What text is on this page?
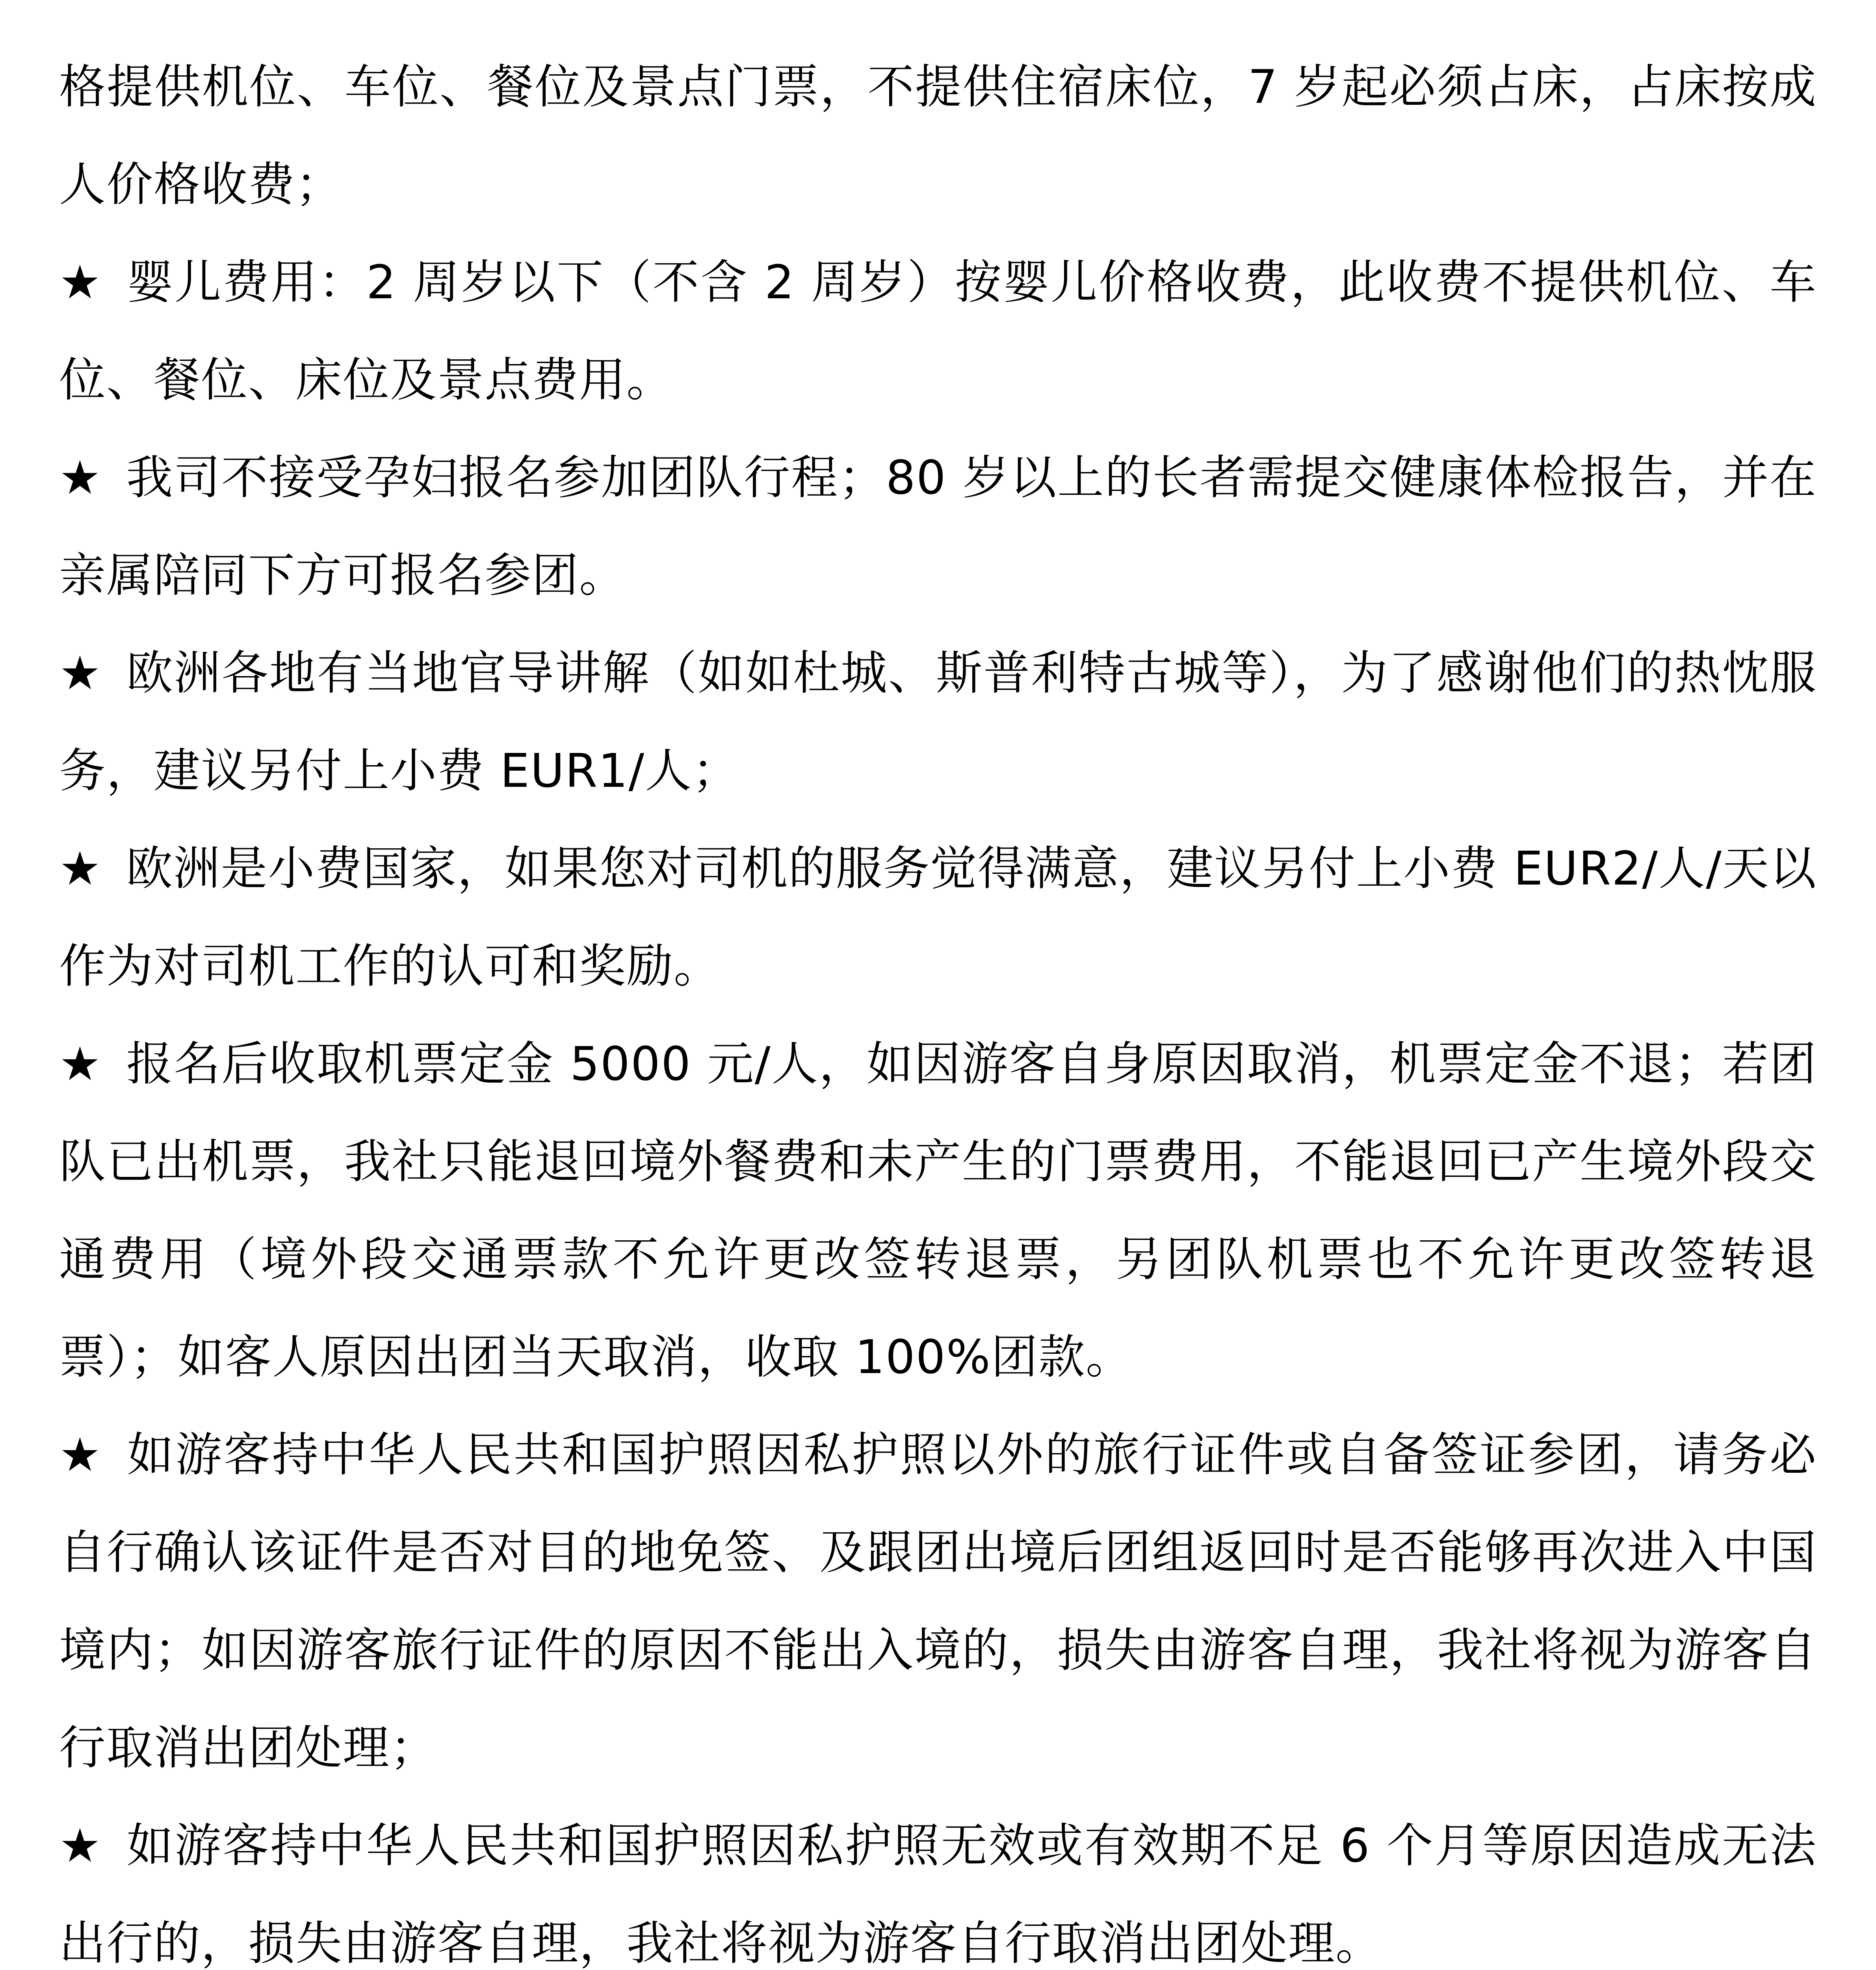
格提供机位、车位、餐位及景点门票，不提供住宿床位，7 岁起必须占床，占床按成人价格收费；

★ 婴儿费用：2 周岁以下（不含 2 周岁）按婴儿价格收费，此收费不提供机位、车位、餐位、床位及景点费用。

★ 我司不接受孕妇报名参加团队行程；80 岁以上的长者需提交健康体检报告，并在亲属陪同下方可报名参团。

★ 欧洲各地有当地官导讲解（如如杜城、斯普利特古城等），为了感谢他们的热忱服务，建议另付上小费 EUR1/人；

★ 欧洲是小费国家，如果您对司机的服务觉得满意，建议另付上小费 EUR2/人/天以作为对司机工作的认可和奖励。

★ 报名后收取机票定金 5000 元/人，如因游客自身原因取消，机票定金不退；若团队已出机票，我社只能退回境外餐费和未产生的门票费用，不能退回已产生境外段交通费用（境外段交通票款不允许更改签转退票，另团队机票也不允许更改签转退票）；如客人原因出团当天取消，收取 100%团款。

★ 如游客持中华人民共和国护照因私护照以外的旅行证件或自备签证参团，请务必自行确认该证件是否对目的地免签、及跟团出境后团组返回时是否能够再次进入中国境内；如因游客旅行证件的原因不能出入境的，损失由游客自理，我社将视为游客自行取消出团处理；

★ 如游客持中华人民共和国护照因私护照无效或有效期不足 6 个月等原因造成无法出行的，损失由游客自理，我社将视为游客自行取消出团处理。
